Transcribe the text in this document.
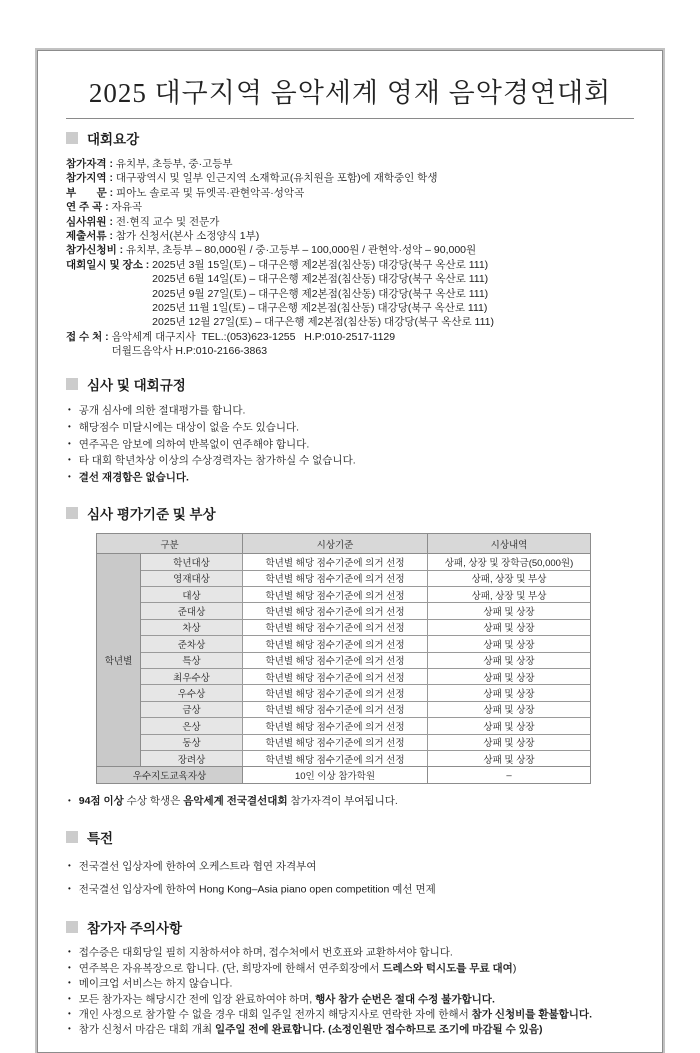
2025 대구지역 음악세계 영재 음악경연대회
대회요강
참가자격 : 유치부, 초등부, 중·고등부
참가지역 : 대구광역시 및 일부 인근지역 소재학교(유치원을 포함)에 재학중인 학생
부       문 : 피아노 솔로곡 및 듀엣곡·관현악곡·성악곡
연 주 곡 : 자유곡
심사위원 : 전·현직 교수 및 전문가
제출서류 : 참가 신청서(본사 소정양식 1부)
참가신청비 : 유치부, 초등부 – 80,000원 / 중·고등부 – 100,000원 / 관현악·성악 – 90,000원
대회일시 및 장소 : 2025년 3월 15일(토) – 대구은행 제2본점(침산동) 대강당(북구 옥산로 111)
2025년 6월 14일(토) – 대구은행 제2본점(침산동) 대강당(북구 옥산로 111)
2025년 9월 27일(토) – 대구은행 제2본점(침산동) 대강당(북구 옥산로 111)
2025년 11월 1일(토) – 대구은행 제2본점(침산동) 대강당(북구 옥산로 111)
2025년 12월 27일(토) – 대구은행 제2본점(침산동) 대강당(북구 옥산로 111)
접 수 처 : 음악세계 대구지사  TEL.:(053)623-1255   H.P:010-2517-1129
더월드음악사 H.P:010-2166-3863
심사 및 대회규정
• 공개 심사에 의한 절대평가를 합니다.
• 해당점수 미달시에는 대상이 없을 수도 있습니다.
• 연주곡은 암보에 의하여 반복없이 연주해야 합니다.
• 타 대회 학년차상 이상의 수상경력자는 참가하실 수 없습니다.
• 결선 재경합은 없습니다.
심사 평가기준 및 부상
구분	시상기준	시상내역
학년별
학년대상	학년별 해당 점수기준에 의거 선정	상패, 상장 및 장학금(50,000원)
영재대상	학년별 해당 점수기준에 의거 선정	상패, 상장 및 부상
대상	학년별 해당 점수기준에 의거 선정	상패, 상장 및 부상
준대상	학년별 해당 점수기준에 의거 선정	상패 및 상장
차상	학년별 해당 점수기준에 의거 선정	상패 및 상장
준차상	학년별 해당 점수기준에 의거 선정	상패 및 상장
특상	학년별 해당 점수기준에 의거 선정	상패 및 상장
최우수상	학년별 해당 점수기준에 의거 선정	상패 및 상장
우수상	학년별 해당 점수기준에 의거 선정	상패 및 상장
금상	학년별 해당 점수기준에 의거 선정	상패 및 상장
은상	학년별 해당 점수기준에 의거 선정	상패 및 상장
동상	학년별 해당 점수기준에 의거 선정	상패 및 상장
장려상	학년별 해당 점수기준에 의거 선정	상패 및 상장
우수지도교육자상	10인 이상 참가학원	–
• 94점 이상 수상 학생은 음악세계 전국결선대회 참가자격이 부여됩니다.
특전
• 전국결선 입상자에 한하여 오케스트라 협연 자격부여
• 전국결선 입상자에 한하여 Hong Kong–Asia piano open competition 예선 면제
참가자 주의사항
• 접수증은 대회당일 필히 지참하셔야 하며, 접수처에서 번호표와 교환하셔야 합니다.
• 연주복은 자유복장으로 합니다. (단, 희망자에 한해서 연주회장에서 드레스와 턱시도를 무료 대여)
• 메이크업 서비스는 하지 않습니다.
• 모든 참가자는 해당시간 전에 입장 완료하여야 하며, 행사 참가 순번은 절대 수정 불가합니다.
• 개인 사정으로 참가할 수 없을 경우 대회 일주일 전까지 해당지사로 연락한 자에 한해서 참가 신청비를 환불합니다.
• 참가 신청서 마감은 대회 개최 일주일 전에 완료합니다. (소정인원만 접수하므로 조기에 마감될 수 있음)
